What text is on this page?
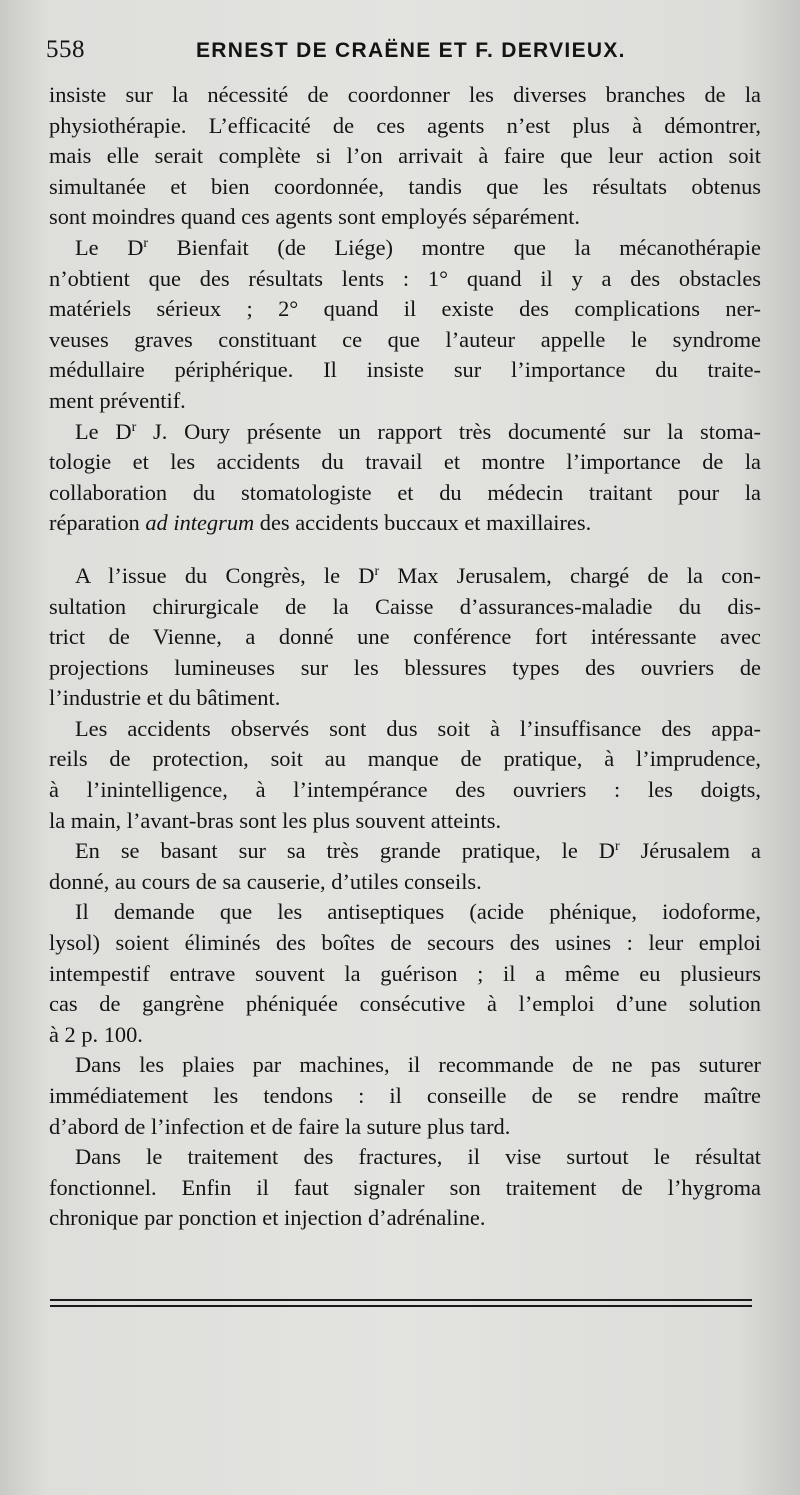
558	ERNEST DE CRAËNE ET F. DERVIEUX.

insiste sur la nécessité de coordonner les diverses branches de la
physiothérapie. L’efficacité de ces agents n’est plus à démontrer,
mais elle serait complète si l’on arrivait à faire que leur action soit
simultanée et bien coordonnée, tandis que les résultats obtenus
sont moindres quand ces agents sont employés séparément.

Le $D^r$ Bienfait (de Liége) montre que la mécanothérapie
n’obtient que des résultats lents : 1° quand il y a des obstacles
matériels sérieux ; 2° quand il existe des complications ner-
veuses graves constituant ce que l’auteur appelle le syndrome
médullaire périphérique. Il insiste sur l’importance du traite-
ment préventif.

Le $D^r$ J. Oury présente un rapport très documenté sur la stoma-
tologie et les accidents du travail et montre l’importance de la
collaboration du stomatologiste et du médecin traitant pour la
réparation ad integrum des accidents buccaux et maxillaires.

A l’issue du Congrès, le $D^r$ Max Jerusalem, chargé de la con-
sultation chirurgicale de la Caisse d’assurances-maladie du dis-
trict de Vienne, a donné une conférence fort intéressante avec
projections lumineuses sur les blessures types des ouvriers de
l’industrie et du bâtiment.

Les accidents observés sont dus soit à l’insuffisance des appa-
reils de protection, soit au manque de pratique, à l’imprudence,
à l’inintelligence, à l’intempérance des ouvriers : les doigts,
la main, l’avant-bras sont les plus souvent atteints.

En se basant sur sa très grande pratique, le $D^r$ Jérusalem a
donné, au cours de sa causerie, d’utiles conseils.

Il demande que les antiseptiques (acide phénique, iodoforme,
lysol) soient éliminés des boîtes de secours des usines : leur emploi
intempestif entrave souvent la guérison ; il a même eu plusieurs
cas de gangrène phéniquée consécutive à l’emploi d’une solution
à 2 p. 100.

Dans les plaies par machines, il recommande de ne pas suturer
immédiatement les tendons : il conseille de se rendre maître
d’abord de l’infection et de faire la suture plus tard.

Dans le traitement des fractures, il vise surtout le résultat
fonctionnel. Enfin il faut signaler son traitement de l’hygroma
chronique par ponction et injection d’adrénaline.
